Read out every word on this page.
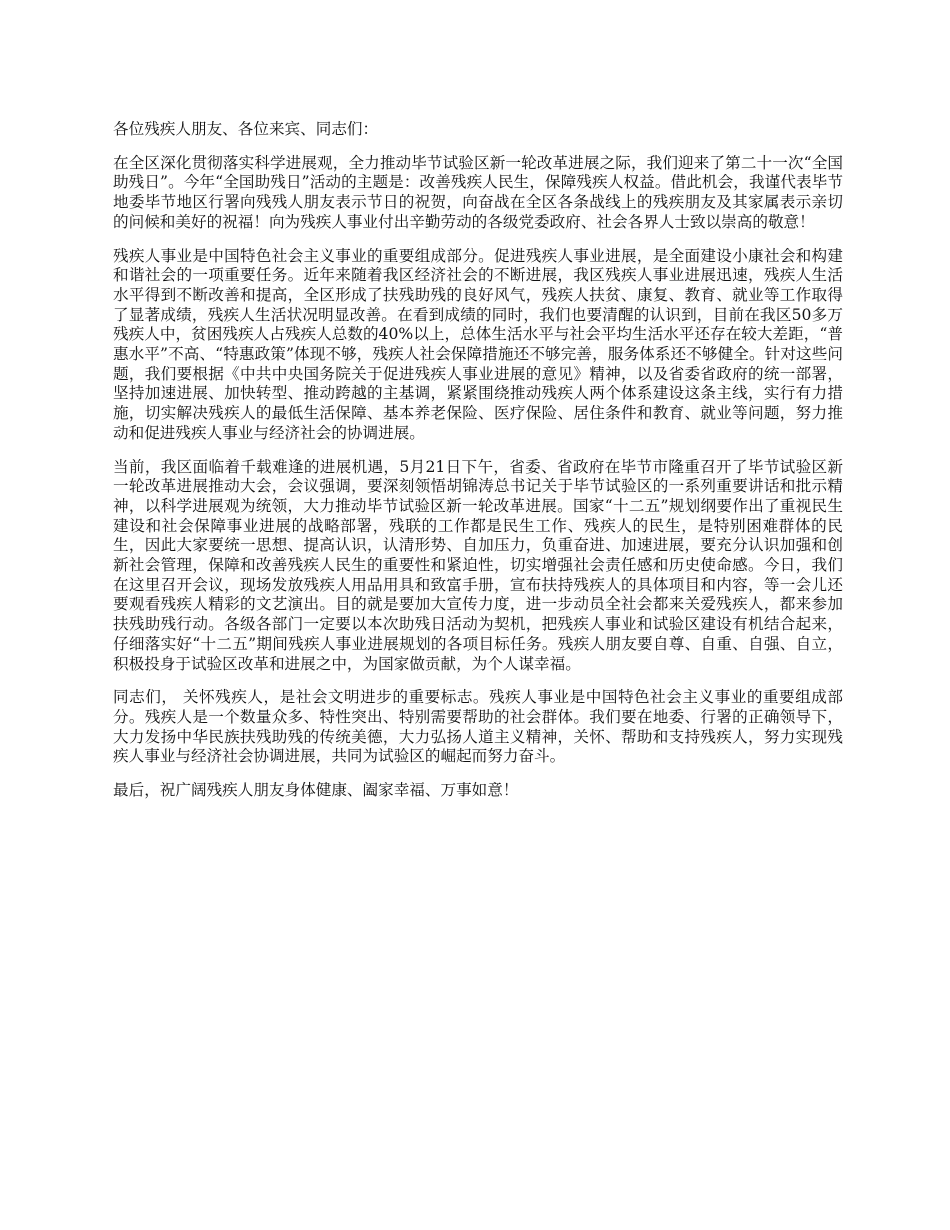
各位残疾人朋友、各位来宾、同志们：

在全区深化贯彻落实科学进展观，全力推动毕节试验区新一轮改革进展之际，我们迎来了第二十一次“全国助残日”。今年“全国助残日”活动的主题是：改善残疾人民生，保障残疾人权益。借此机会，我谨代表毕节地委毕节地区行署向残残人朋友表示节日的祝贺，向奋战在全区各条战线上的残疾朋友及其家属表示亲切的问候和美好的祝福！向为残疾人事业付出辛勤劳动的各级党委政府、社会各界人士致以崇高的敬意！

残疾人事业是中国特色社会主义事业的重要组成部分。促进残疾人事业进展，是全面建设小康社会和构建和谐社会的一项重要任务。近年来随着我区经济社会的不断进展，我区残疾人事业进展迅速，残疾人生活水平得到不断改善和提高，全区形成了扶残助残的良好风气，残疾人扶贫、康复、教育、就业等工作取得了显著成绩，残疾人生活状况明显改善。在看到成绩的同时，我们也要清醒的认识到，目前在我区50多万残疾人中，贫困残疾人占残疾人总数的40%以上，总体生活水平与社会平均生活水平还存在较大差距，“普惠水平”不高、“特惠政策”体现不够，残疾人社会保障措施还不够完善，服务体系还不够健全。针对这些问题，我们要根据《中共中央国务院关于促进残疾人事业进展的意见》精神，以及省委省政府的统一部署，坚持加速进展、加快转型、推动跨越的主基调，紧紧围绕推动残疾人两个体系建设这条主线，实行有力措施，切实解决残疾人的最低生活保障、基本养老保险、医疗保险、居住条件和教育、就业等问题，努力推动和促进残疾人事业与经济社会的协调进展。

当前，我区面临着千载难逢的进展机遇，5月21日下午，省委、省政府在毕节市隆重召开了毕节试验区新一轮改革进展推动大会，会议强调，要深刻领悟胡锦涛总书记关于毕节试验区的一系列重要讲话和批示精神，以科学进展观为统领，大力推动毕节试验区新一轮改革进展。国家“十二五”规划纲要作出了重视民生建设和社会保障事业进展的战略部署，残联的工作都是民生工作、残疾人的民生，是特别困难群体的民生，因此大家要统一思想、提高认识，认清形势、自加压力，负重奋进、加速进展，要充分认识加强和创新社会管理，保障和改善残疾人民生的重要性和紧迫性，切实增强社会责任感和历史使命感。今日，我们在这里召开会议，现场发放残疾人用品用具和致富手册，宣布扶持残疾人的具体项目和内容，等一会儿还要观看残疾人精彩的文艺演出。目的就是要加大宣传力度，进一步动员全社会都来关爱残疾人，都来参加扶残助残行动。各级各部门一定要以本次助残日活动为契机，把残疾人事业和试验区建设有机结合起来，仔细落实好“十二五”期间残疾人事业进展规划的各项目标任务。残疾人朋友要自尊、自重、自强、自立，积极投身于试验区改革和进展之中，为国家做贡献，为个人谋幸福。

同志们， 关怀残疾人，是社会文明进步的重要标志。残疾人事业是中国特色社会主义事业的重要组成部分。残疾人是一个数量众多、特性突出、特别需要帮助的社会群体。我们要在地委、行署的正确领导下，大力发扬中华民族扶残助残的传统美德，大力弘扬人道主义精神，关怀、帮助和支持残疾人，努力实现残疾人事业与经济社会协调进展，共同为试验区的崛起而努力奋斗。

最后，祝广阔残疾人朋友身体健康、阖家幸福、万事如意！
